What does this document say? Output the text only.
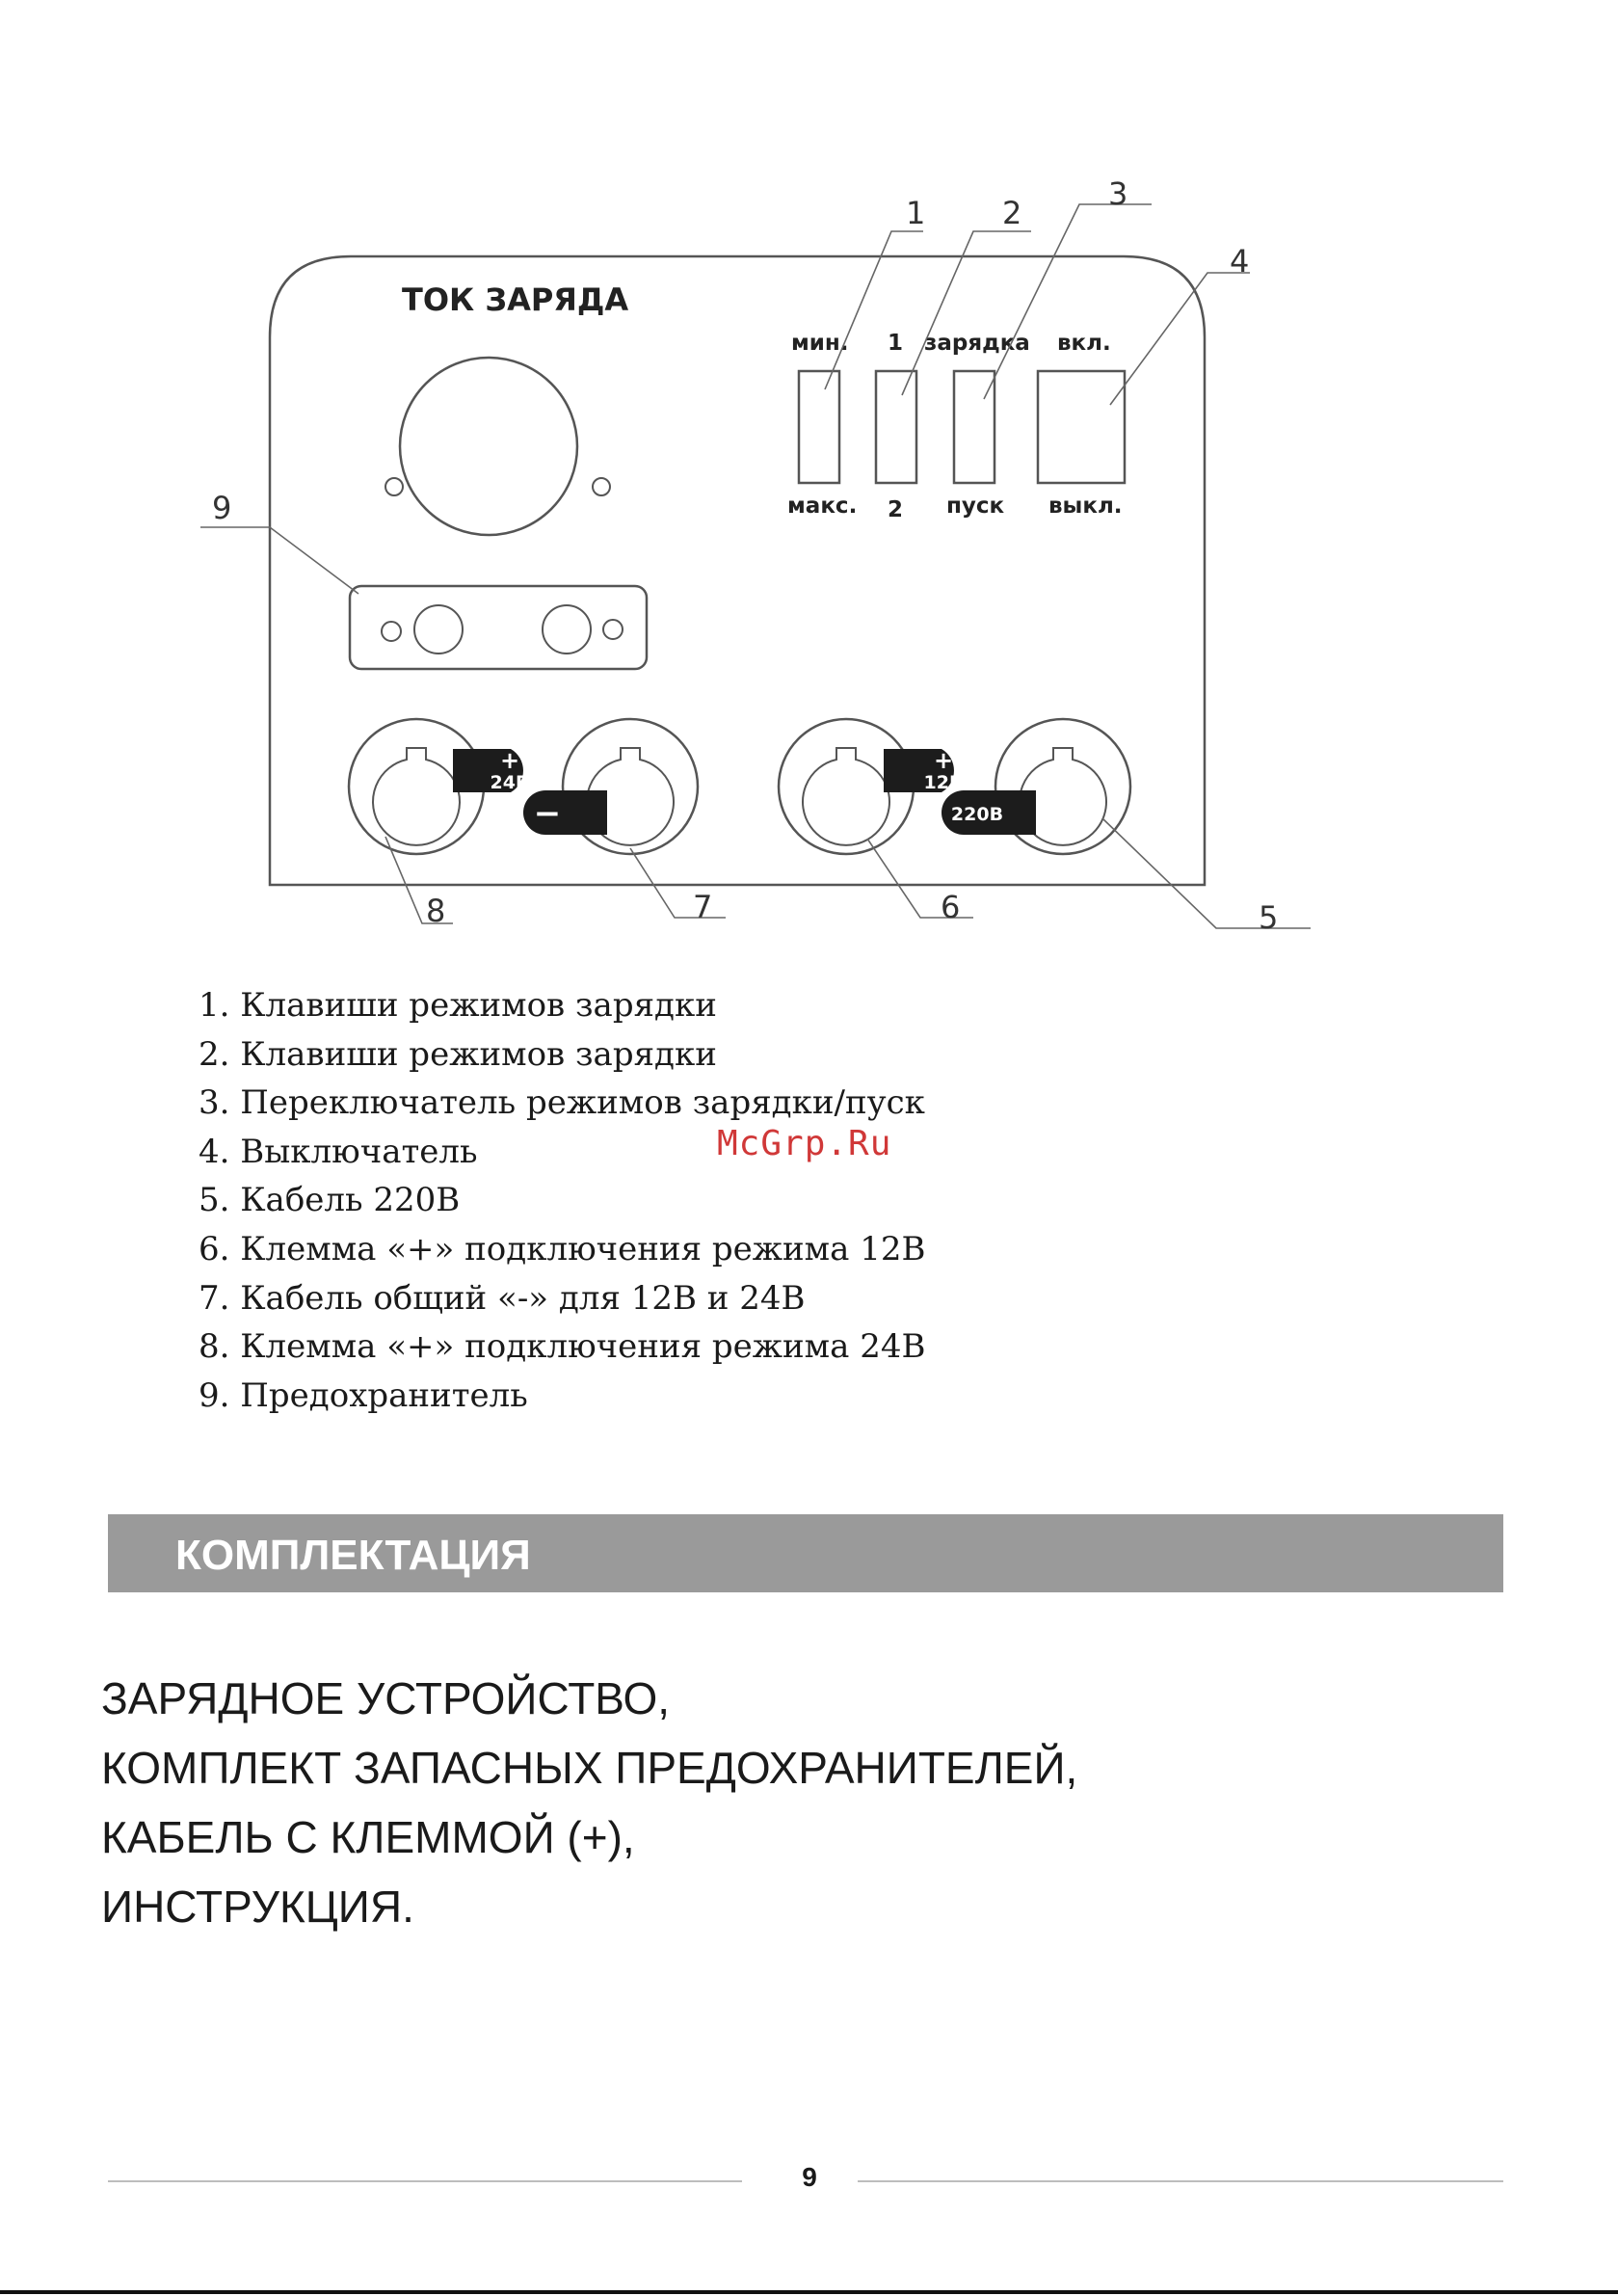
ТОК ЗАРЯДА
мин. 1 зарядка вкл.
макс. 2 пуск выкл.
+
24В
−
+
12В
220В
1 2
3
4
5
6
7
8
9
1. Клавиши режимов зарядки
2. Клавиши режимов зарядки
3. Переключатель режимов зарядки/пуск
4. Выключатель
5. Кабель 220В
6. Клемма «+» подключения режима 12В
7. Кабель общий «-» для 12В и 24В
8. Клемма «+» подключения режима 24В
9. Предохранитель
McGrp.Ru
КОМПЛЕКТАЦИЯ
ЗАРЯДНОЕ УСТРОЙСТВО,
КОМПЛЕКТ ЗАПАСНЫХ ПРЕДОХРАНИТЕЛЕЙ,
КАБЕЛЬ С КЛЕММОЙ (+),
ИНСТРУКЦИЯ.
9
